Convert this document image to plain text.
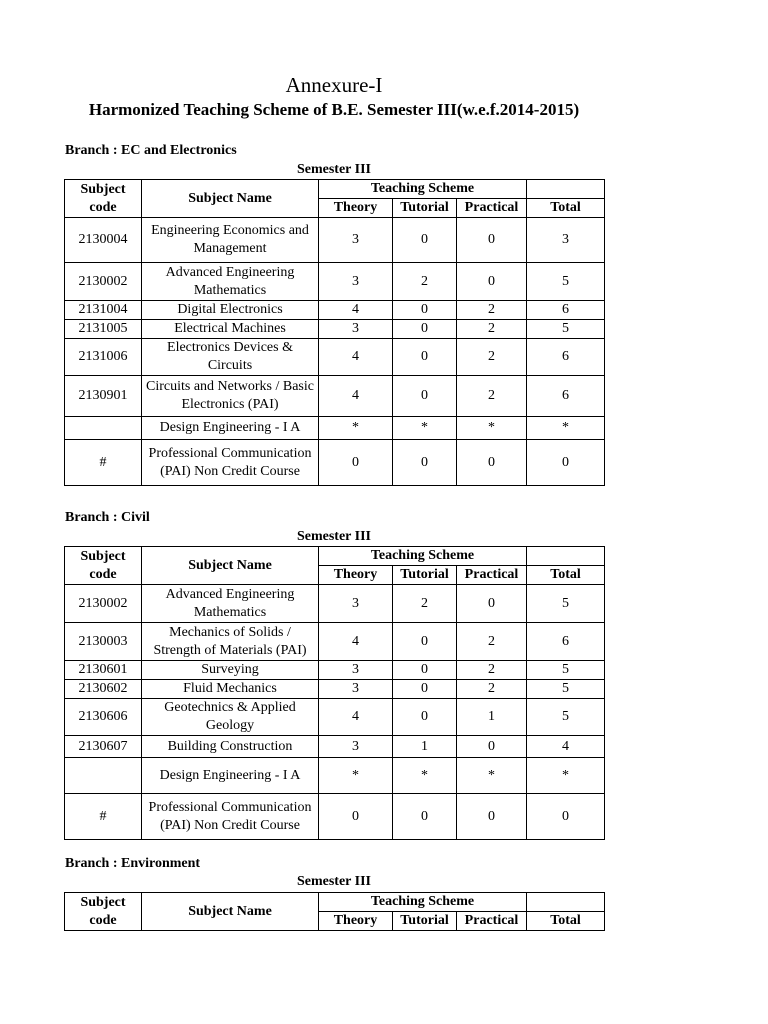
Annexure-I
Harmonized Teaching Scheme of B.E. Semester III(w.e.f.2014-2015)
Branch : EC and Electronics
Semester III
Subject code	Subject Name	Teaching Scheme			
		Theory	Tutorial	Practical	Total
2130004	Engineering Economics and Management	3	0	0	3
2130002	Advanced Engineering Mathematics	3	2	0	5
2131004	Digital Electronics	4	0	2	6
2131005	Electrical Machines	3	0	2	5
2131006	Electronics Devices & Circuits	4	0	2	6
2130901	Circuits and Networks / Basic Electronics (PAI)	4	0	2	6
	Design Engineering - I A	*	*	*	*
#	Professional Communication (PAI) Non Credit Course	0	0	0	0
Branch : Civil
Semester III
Subject code	Subject Name	Teaching Scheme			
		Theory	Tutorial	Practical	Total
2130002	Advanced Engineering Mathematics	3	2	0	5
2130003	Mechanics of Solids / Strength of Materials (PAI)	4	0	2	6
2130601	Surveying	3	0	2	5
2130602	Fluid Mechanics	3	0	2	5
2130606	Geotechnics & Applied Geology	4	0	1	5
2130607	Building Construction	3	1	0	4
	Design Engineering - I A	*	*	*	*
#	Professional Communication (PAI) Non Credit Course	0	0	0	0
Branch : Environment
Semester III
Subject code	Subject Name	Teaching Scheme			
		Theory	Tutorial	Practical	Total
